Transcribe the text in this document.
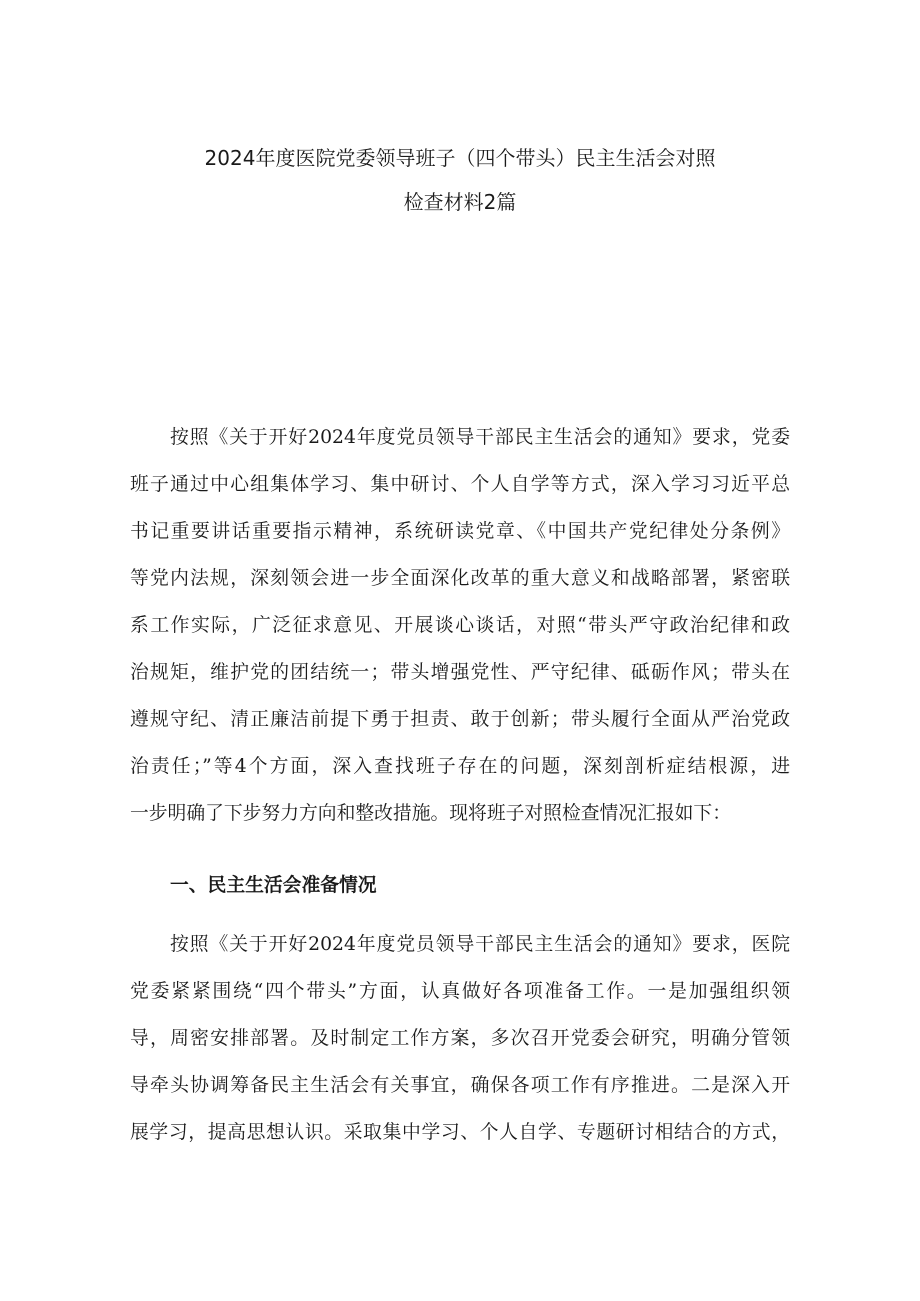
2024年度医院党委领导班子（四个带头）民主生活会对照
检查材料2篇
按照《关于开好2024年度党员领导干部民主生活会的通知》要求，党委
班子通过中心组集体学习、集中研讨、个人自学等方式，深入学习习近平总
书记重要讲话重要指示精神，系统研读党章、《中国共产党纪律处分条例》
等党内法规，深刻领会进一步全面深化改革的重大意义和战略部署，紧密联
系工作实际，广泛征求意见、开展谈心谈话，对照“带头严守政治纪律和政
治规矩，维护党的团结统一；带头增强党性、严守纪律、砥砺作风；带头在
遵规守纪、清正廉洁前提下勇于担责、敢于创新；带头履行全面从严治党政
治责任；”等4个方面，深入查找班子存在的问题，深刻剖析症结根源，进
一步明确了下步努力方向和整改措施。现将班子对照检查情况汇报如下：
一、民主生活会准备情况
按照《关于开好2024年度党员领导干部民主生活会的通知》要求，医院
党委紧紧围绕“四个带头”方面，认真做好各项准备工作。一是加强组织领
导，周密安排部署。及时制定工作方案，多次召开党委会研究，明确分管领
导牵头协调筹备民主生活会有关事宜，确保各项工作有序推进。二是深入开
展学习，提高思想认识。采取集中学习、个人自学、专题研讨相结合的方式，
